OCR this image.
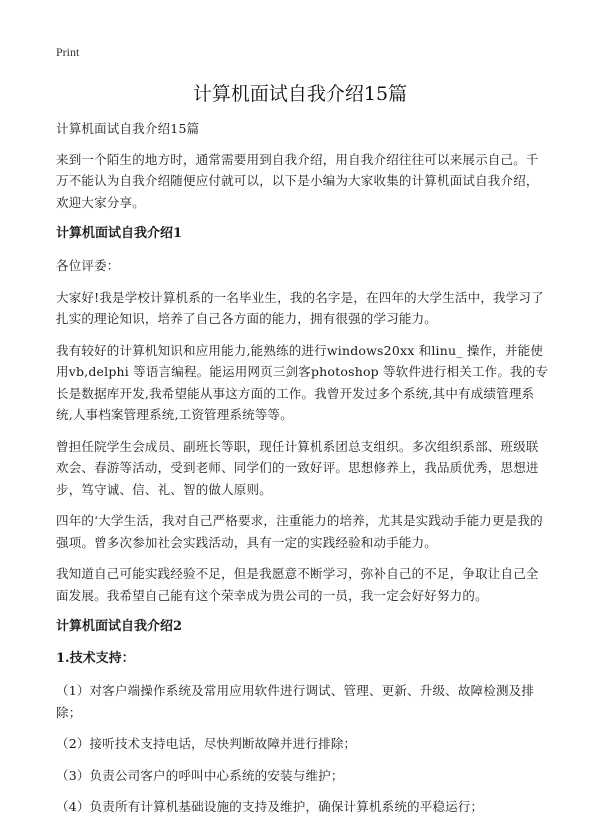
Print
计算机面试自我介绍15篇

计算机面试自我介绍15篇

来到一个陌生的地方时，通常需要用到自我介绍，用自我介绍往往可以来展示自己。千万不能认为自我介绍随便应付就可以，以下是小编为大家收集的计算机面试自我介绍，欢迎大家分享。

计算机面试自我介绍1

各位评委：

大家好!我是学校计算机系的一名毕业生，我的名字是，在四年的大学生活中，我学习了扎实的理论知识，培养了自己各方面的能力，拥有很强的学习能力。

我有较好的计算机知识和应用能力,能熟练的进行windows20xx 和linu_ 操作，并能使用vb,delphi 等语言编程。能运用网页三剑客photoshop 等软件进行相关工作。我的专长是数据库开发,我希望能从事这方面的工作。我曾开发过多个系统,其中有成绩管理系统,人事档案管理系统,工资管理系统等等。

曾担任院学生会成员、副班长等职，现任计算机系团总支组织。多次组织系部、班级联欢会、春游等活动，受到老师、同学们的一致好评。思想修养上，我品质优秀，思想进步，笃守诚、信、礼、智的做人原则。

四年的‘大学生活，我对自己严格要求，注重能力的培养，尤其是实践动手能力更是我的强项。曾多次参加社会实践活动，具有一定的实践经验和动手能力。

我知道自己可能实践经验不足，但是我愿意不断学习，弥补自己的不足，争取让自己全面发展。我希望自己能有这个荣幸成为贵公司的一员，我一定会好好努力的。

计算机面试自我介绍2

1.技术支持：

（1）对客户端操作系统及常用应用软件进行调试、管理、更新、升级、故障检测及排除；

（2）接听技术支持电话，尽快判断故障并进行排除；

（3）负责公司客户的呼叫中心系统的安装与维护；

（4）负责所有计算机基础设施的支持及维护，确保计算机系统的平稳运行；
